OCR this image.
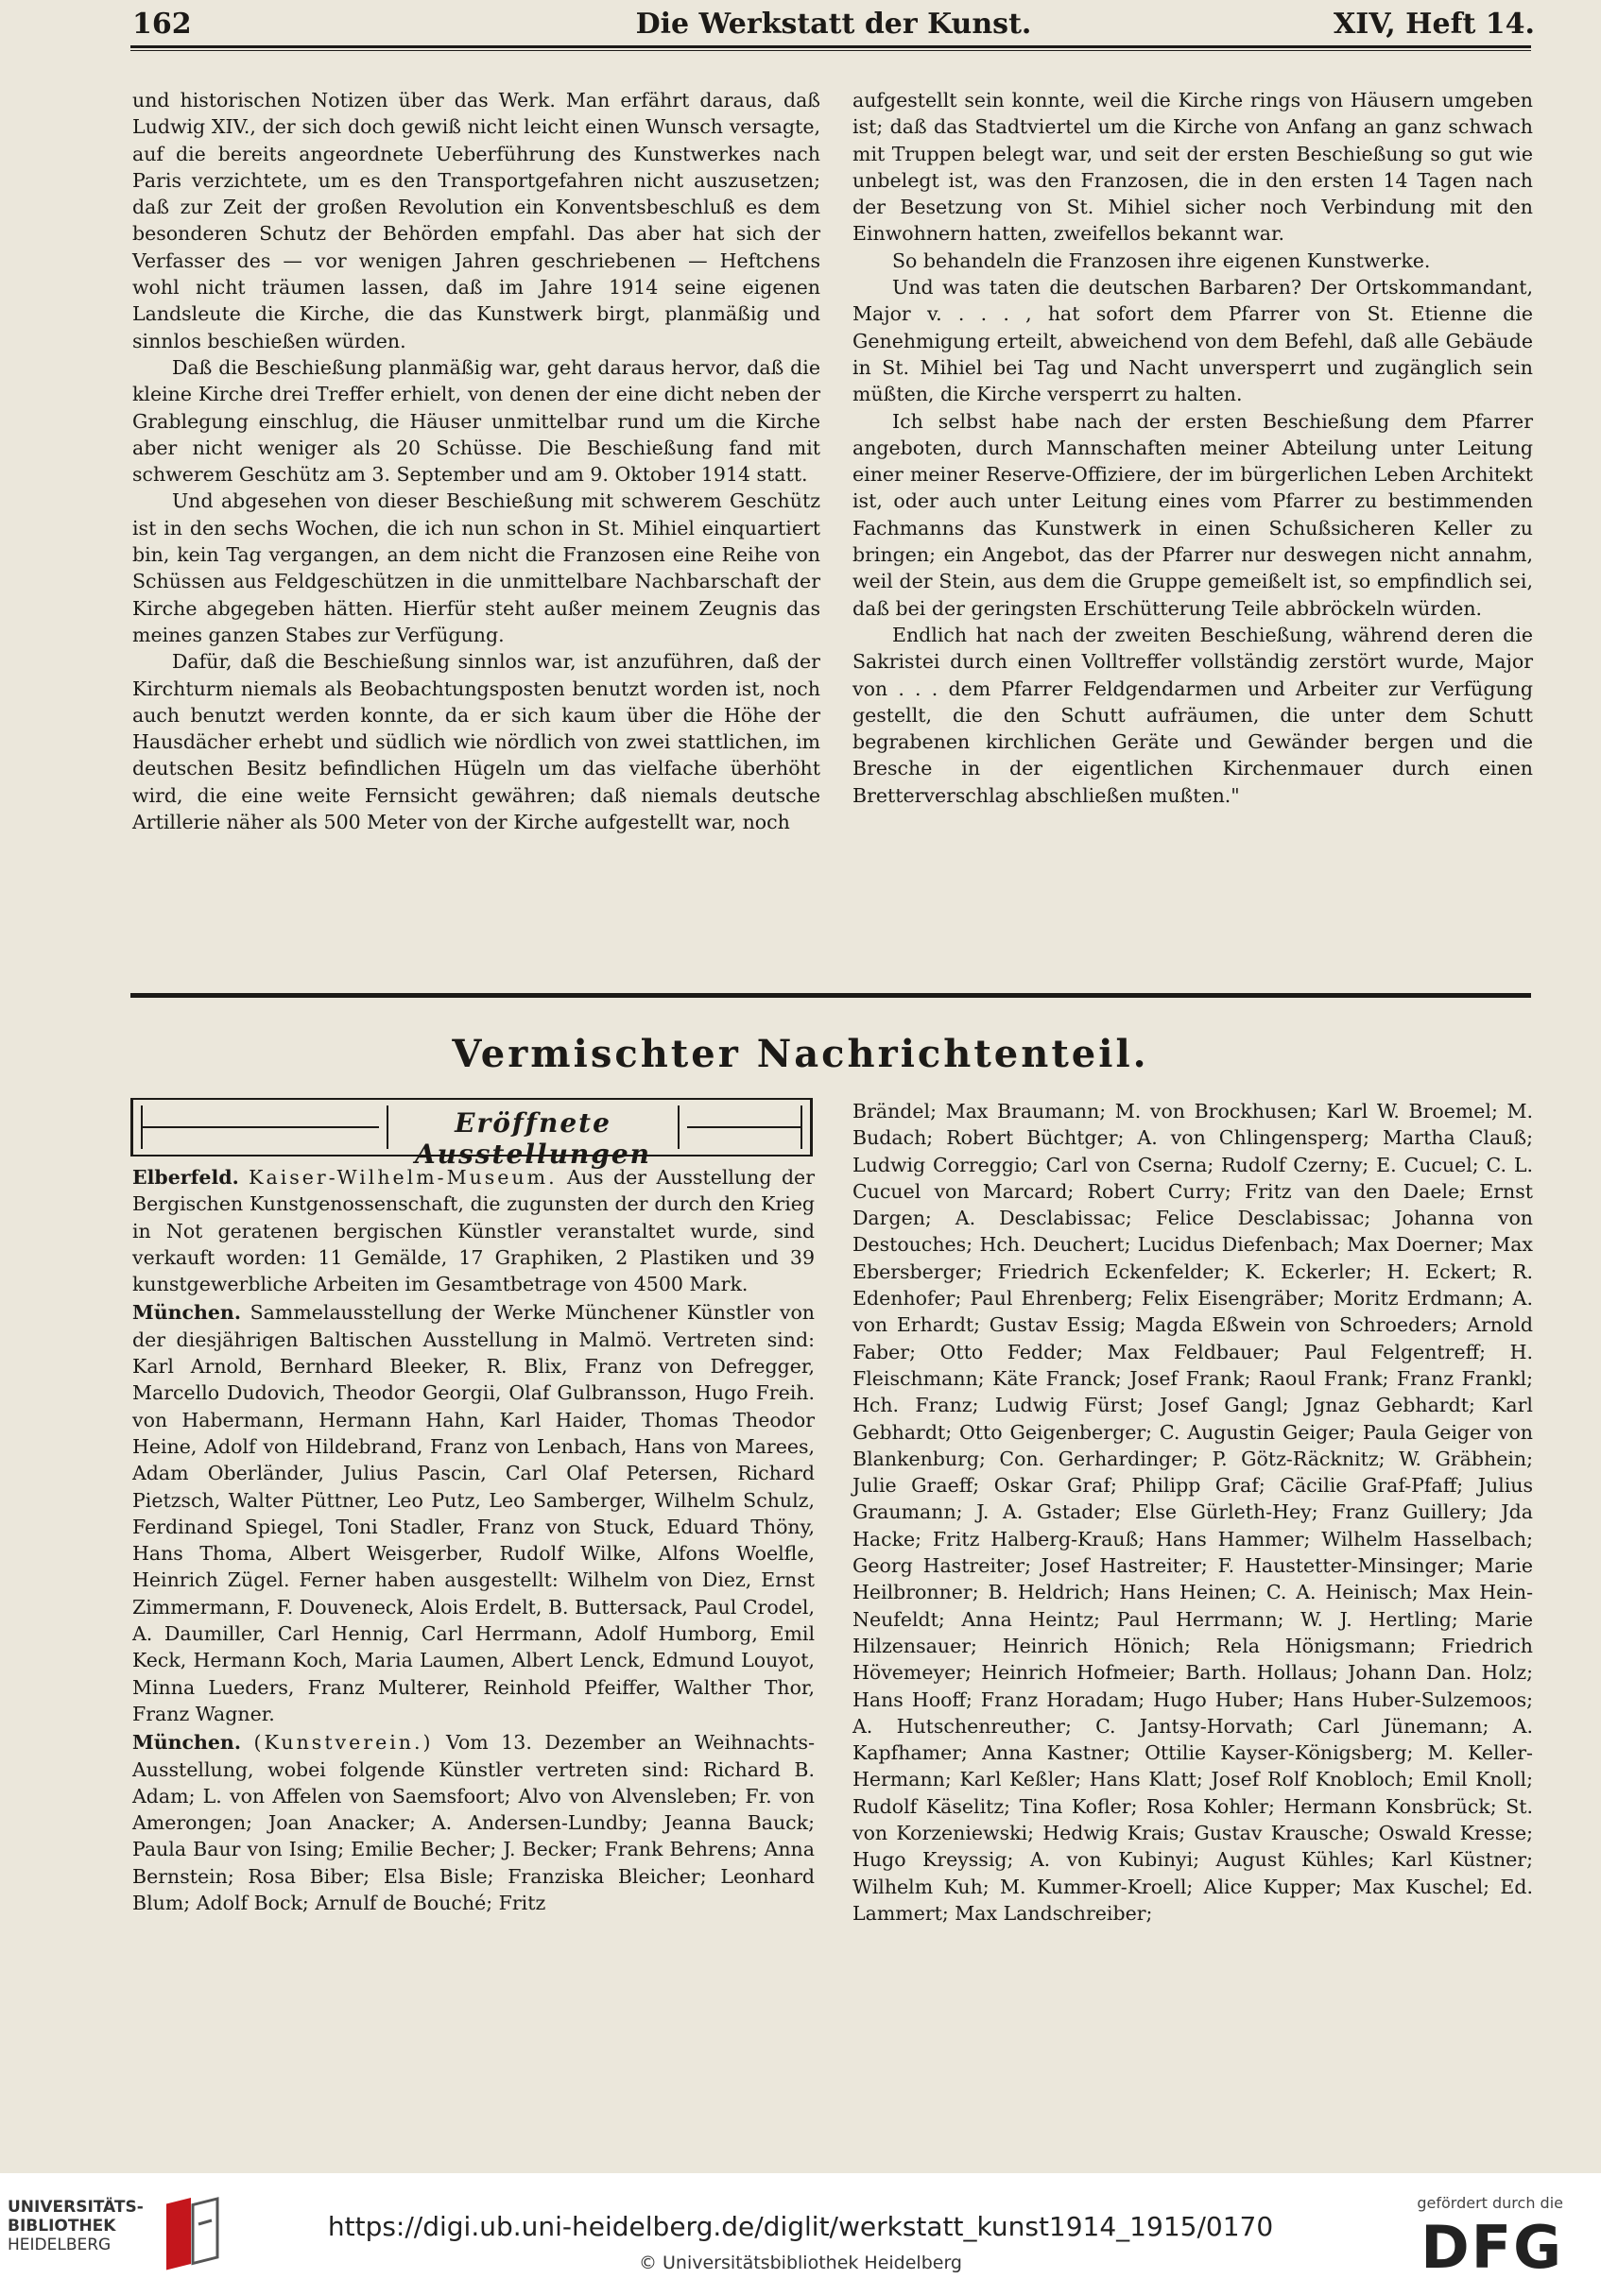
162	Die Werkstatt der Kunst.	XIV, Heft 14.

und historischen Notizen über das Werk. Man erfährt daraus, daß Ludwig XIV., der sich doch gewiß nicht leicht einen Wunsch versagte, auf die bereits angeordnete Ueberführung des Kunstwerkes nach Paris verzichtete, um es den Transportgefahren nicht auszusetzen; daß zur Zeit der großen Revolution ein Konventsbeschluß es dem besonderen Schutz der Behörden empfahl. Das aber hat sich der Verfasser des — vor wenigen Jahren geschriebenen — Heftchens wohl nicht träumen lassen, daß im Jahre 1914 seine eigenen Landsleute die Kirche, die das Kunstwerk birgt, planmäßig und sinnlos beschießen würden.

Daß die Beschießung planmäßig war, geht daraus hervor, daß die kleine Kirche drei Treffer erhielt, von denen der eine dicht neben der Grablegung einschlug, die Häuser unmittelbar rund um die Kirche aber nicht weniger als 20 Schüsse. Die Beschießung fand mit schwerem Geschütz am 3. September und am 9. Oktober 1914 statt.

Und abgesehen von dieser Beschießung mit schwerem Geschütz ist in den sechs Wochen, die ich nun schon in St. Mihiel einquartiert bin, kein Tag vergangen, an dem nicht die Franzosen eine Reihe von Schüssen aus Feldgeschützen in die unmittelbare Nachbarschaft der Kirche abgegeben hätten. Hierfür steht außer meinem Zeugnis das meines ganzen Stabes zur Verfügung.

Dafür, daß die Beschießung sinnlos war, ist anzuführen, daß der Kirchturm niemals als Beobachtungsposten benutzt worden ist, noch auch benutzt werden konnte, da er sich kaum über die Höhe der Hausdächer erhebt und südlich wie nördlich von zwei stattlichen, im deutschen Besitz befindlichen Hügeln um das vielfache überhöht wird, die eine weite Fernsicht gewähren; daß niemals deutsche Artillerie näher als 500 Meter von der Kirche aufgestellt war, noch

aufgestellt sein konnte, weil die Kirche rings von Häusern umgeben ist; daß das Stadtviertel um die Kirche von Anfang an ganz schwach mit Truppen belegt war, und seit der ersten Beschießung so gut wie unbelegt ist, was den Franzosen, die in den ersten 14 Tagen nach der Besetzung von St. Mihiel sicher noch Verbindung mit den Einwohnern hatten, zweifellos bekannt war.

So behandeln die Franzosen ihre eigenen Kunstwerke.

Und was taten die deutschen Barbaren? Der Ortskommandant, Major v. . . . , hat sofort dem Pfarrer von St. Etienne die Genehmigung erteilt, abweichend von dem Befehl, daß alle Gebäude in St. Mihiel bei Tag und Nacht unversperrt und zugänglich sein müßten, die Kirche versperrt zu halten.

Ich selbst habe nach der ersten Beschießung dem Pfarrer angeboten, durch Mannschaften meiner Abteilung unter Leitung einer meiner Reserve-Offiziere, der im bürgerlichen Leben Architekt ist, oder auch unter Leitung eines vom Pfarrer zu bestimmenden Fachmanns das Kunstwerk in einen Schußsicheren Keller zu bringen; ein Angebot, das der Pfarrer nur deswegen nicht annahm, weil der Stein, aus dem die Gruppe gemeißelt ist, so empfindlich sei, daß bei der geringsten Erschütterung Teile abbröckeln würden.

Endlich hat nach der zweiten Beschießung, während deren die Sakristei durch einen Volltreffer vollständig zerstört wurde, Major von . . . dem Pfarrer Feldgendarmen und Arbeiter zur Verfügung gestellt, die den Schutt aufräumen, die unter dem Schutt begrabenen kirchlichen Geräte und Gewänder bergen und die Bresche in der eigentlichen Kirchenmauer durch einen Bretterverschlag abschließen mußten."

Vermischter Nachrichtenteil.
Eröffnete Ausstellungen

Elberfeld. Kaiser-Wilhelm-Museum. Aus der Ausstellung der Bergischen Kunstgenossenschaft, die zugunsten der durch den Krieg in Not geratenen bergischen Künstler veranstaltet wurde, sind verkauft worden: 11 Gemälde, 17 Graphiken, 2 Plastiken und 39 kunstgewerbliche Arbeiten im Gesamtbetrage von 4500 Mark.

München. Sammelausstellung der Werke Münchener Künstler von der diesjährigen Baltischen Ausstellung in Malmö. Vertreten sind: Karl Arnold, Bernhard Bleeker, R. Blix, Franz von Defregger, Marcello Dudovich, Theodor Georgii, Olaf Gulbransson, Hugo Freih. von Habermann, Hermann Hahn, Karl Haider, Thomas Theodor Heine, Adolf von Hildebrand, Franz von Lenbach, Hans von Marees, Adam Oberländer, Julius Pascin, Carl Olaf Petersen, Richard Pietzsch, Walter Püttner, Leo Putz, Leo Samberger, Wilhelm Schulz, Ferdinand Spiegel, Toni Stadler, Franz von Stuck, Eduard Thöny, Hans Thoma, Albert Weisgerber, Rudolf Wilke, Alfons Woelfle, Heinrich Zügel. Ferner haben ausgestellt: Wilhelm von Diez, Ernst Zimmermann, F. Douveneck, Alois Erdelt, B. Buttersack, Paul Crodel, A. Daumiller, Carl Hennig, Carl Herrmann, Adolf Humborg, Emil Keck, Hermann Koch, Maria Laumen, Albert Lenck, Edmund Louyot, Minna Lueders, Franz Multerer, Reinhold Pfeiffer, Walther Thor, Franz Wagner.

München. (Kunstverein.) Vom 13. Dezember an Weihnachts-Ausstellung, wobei folgende Künstler vertreten sind: Richard B. Adam; L. von Affelen von Saemsfoort; Alvo von Alvensleben; Fr. von Amerongen; Joan Anacker; A. Andersen-Lundby; Jeanna Bauck; Paula Baur von Ising; Emilie Becher; J. Becker; Frank Behrens; Anna Bernstein; Rosa Biber; Elsa Bisle; Franziska Bleicher; Leonhard Blum; Adolf Bock; Arnulf de Bouché; Fritz

Brändel; Max Braumann; M. von Brockhusen; Karl W. Broemel; M. Budach; Robert Büchtger; A. von Chlingensperg; Martha Clauß; Ludwig Correggio; Carl von Cserna; Rudolf Czerny; E. Cucuel; C. L. Cucuel von Marcard; Robert Curry; Fritz van den Daele; Ernst Dargen; A. Desclabissac; Felice Desclabissac; Johanna von Destouches; Hch. Deuchert; Lucidus Diefenbach; Max Doerner; Max Ebersberger; Friedrich Eckenfelder; K. Eckerler; H. Eckert; R. Edenhofer; Paul Ehrenberg; Felix Eisengräber; Moritz Erdmann; A. von Erhardt; Gustav Essig; Magda Eßwein von Schroeders; Arnold Faber; Otto Fedder; Max Feldbauer; Paul Felgentreff; H. Fleischmann; Käte Franck; Josef Frank; Raoul Frank; Franz Frankl; Hch. Franz; Ludwig Fürst; Josef Gangl; Jgnaz Gebhardt; Karl Gebhardt; Otto Geigenberger; C. Augustin Geiger; Paula Geiger von Blankenburg; Con. Gerhardinger; P. Götz-Räcknitz; W. Gräbhein; Julie Graeff; Oskar Graf; Philipp Graf; Cäcilie Graf-Pfaff; Julius Graumann; J. A. Gstader; Else Gürleth-Hey; Franz Guillery; Jda Hacke; Fritz Halberg-Krauß; Hans Hammer; Wilhelm Hasselbach; Georg Hastreiter; Josef Hastreiter; F. Haustetter-Minsinger; Marie Heilbronner; B. Heldrich; Hans Heinen; C. A. Heinisch; Max Hein-Neufeldt; Anna Heintz; Paul Herrmann; W. J. Hertling; Marie Hilzensauer; Heinrich Hönich; Rela Hönigsmann; Friedrich Hövemeyer; Heinrich Hofmeier; Barth. Hollaus; Johann Dan. Holz; Hans Hooff; Franz Horadam; Hugo Huber; Hans Huber-Sulzemoos; A. Hutschenreuther; C. Jantsy-Horvath; Carl Jünemann; A. Kapfhamer; Anna Kastner; Ottilie Kayser-Königsberg; M. Keller-Hermann; Karl Keßler; Hans Klatt; Josef Rolf Knobloch; Emil Knoll; Rudolf Käselitz; Tina Kofler; Rosa Kohler; Hermann Konsbrück; St. von Korzeniewski; Hedwig Krais; Gustav Krausche; Oswald Kresse; Hugo Kreyssig; A. von Kubinyi; August Kühles; Karl Küstner; Wilhelm Kuh; M. Kummer-Kroell; Alice Kupper; Max Kuschel; Ed. Lammert; Max Landschreiber;

UNIVERSITÄTS-
BIBLIOTHEK
HEIDELBERG
https://digi.ub.uni-heidelberg.de/diglit/werkstatt_kunst1914_1915/0170
© Universitätsbibliothek Heidelberg
gefördert durch die
DFG
